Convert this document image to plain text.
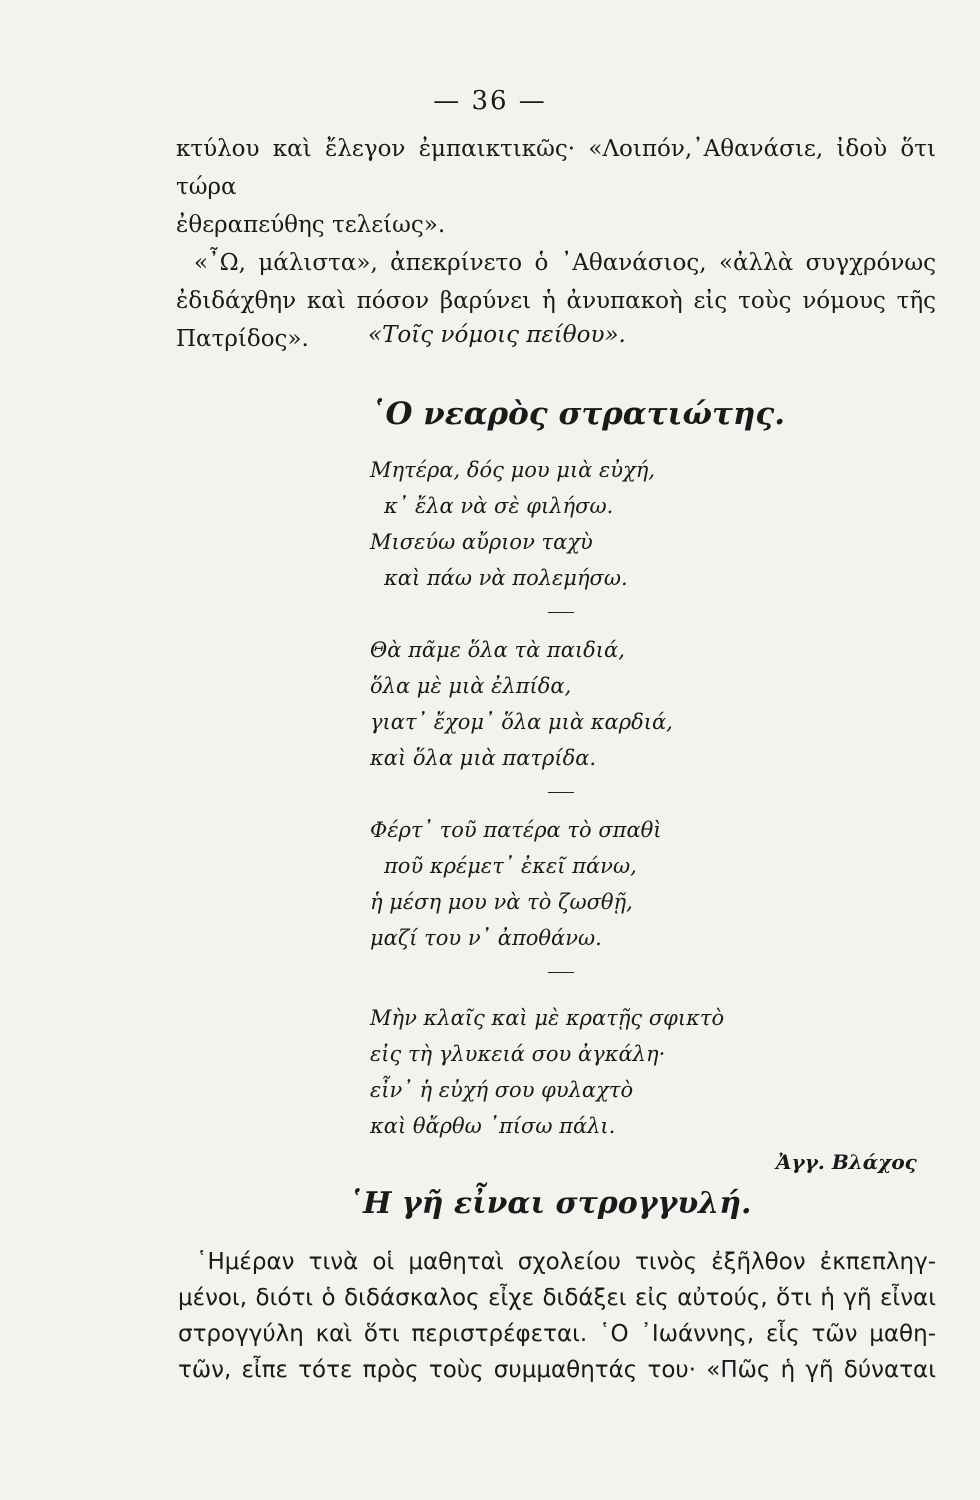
— 36 —

κτύλου καὶ ἔλεγον ἐμπαικτικῶς· «Λοιπόν,᾿Αθανάσιε, ἰδοὺ ὅτι τώρα

ἐθεραπεύθης τελείως».

«῏Ω, μάλιστα», ἀπεκρίνετο ὁ ᾿Αθανάσιος, «ἀλλὰ συγχρόνως

ἐδιδάχθην καὶ πόσον βαρύνει ἡ ἀνυπακοὴ εἰς τοὺς νόμους τῆς

Πατρίδος».	«Τοῖς νόμοις πείθου».
῾Ο νεαρὸς στρατιώτης.
Μητέρα, δός μου μιὰ εὐχή,
κ᾿ ἔλα νὰ σὲ φιλήσω.
Μισεύω αὔριον ταχὺ
καὶ πάω νὰ πολεμήσω.
Θὰ πᾶμε ὅλα τὰ παιδιά,
ὅλα μὲ μιὰ ἐλπίδα,
γιατ᾿ ἔχομ᾿ ὅλα μιὰ καρδιά,
καὶ ὅλα μιὰ πατρίδα.
Φέρτ᾿ τοῦ πατέρα τὸ σπαθὶ
ποῦ κρέμετ᾿ ἐκεῖ πάνω,
ἡ μέση μου νὰ τὸ ζωσθῇ,
μαζί του ν᾿ ἀποθάνω.
Μὴν κλαῖς καὶ μὲ κρατῇς σφικτὸ
εἰς τὴ γλυκειά σου ἀγκάλη·
εἶν᾿ ἡ εὐχή σου φυλαχτὸ
καὶ θἄρθω ᾿πίσω πάλι.
Ἀγγ. Βλάχος
῾Η γῆ εἶναι στρογγυλή.

῾Ημέραν τινὰ οἱ μαθηταὶ σχολείου τινὸς ἐξῆλθον ἐκπεπληγ-

μένοι, διότι ὁ διδάσκαλος εἶχε διδάξει εἰς αὐτούς, ὅτι ἡ γῆ εἶναι

στρογγύλη καὶ ὅτι περιστρέφεται. ῾Ο ᾿Ιωάννης, εἷς τῶν μαθη-

τῶν, εἶπε τότε πρὸς τοὺς συμμαθητάς του· «Πῶς ἡ γῆ δύναται
